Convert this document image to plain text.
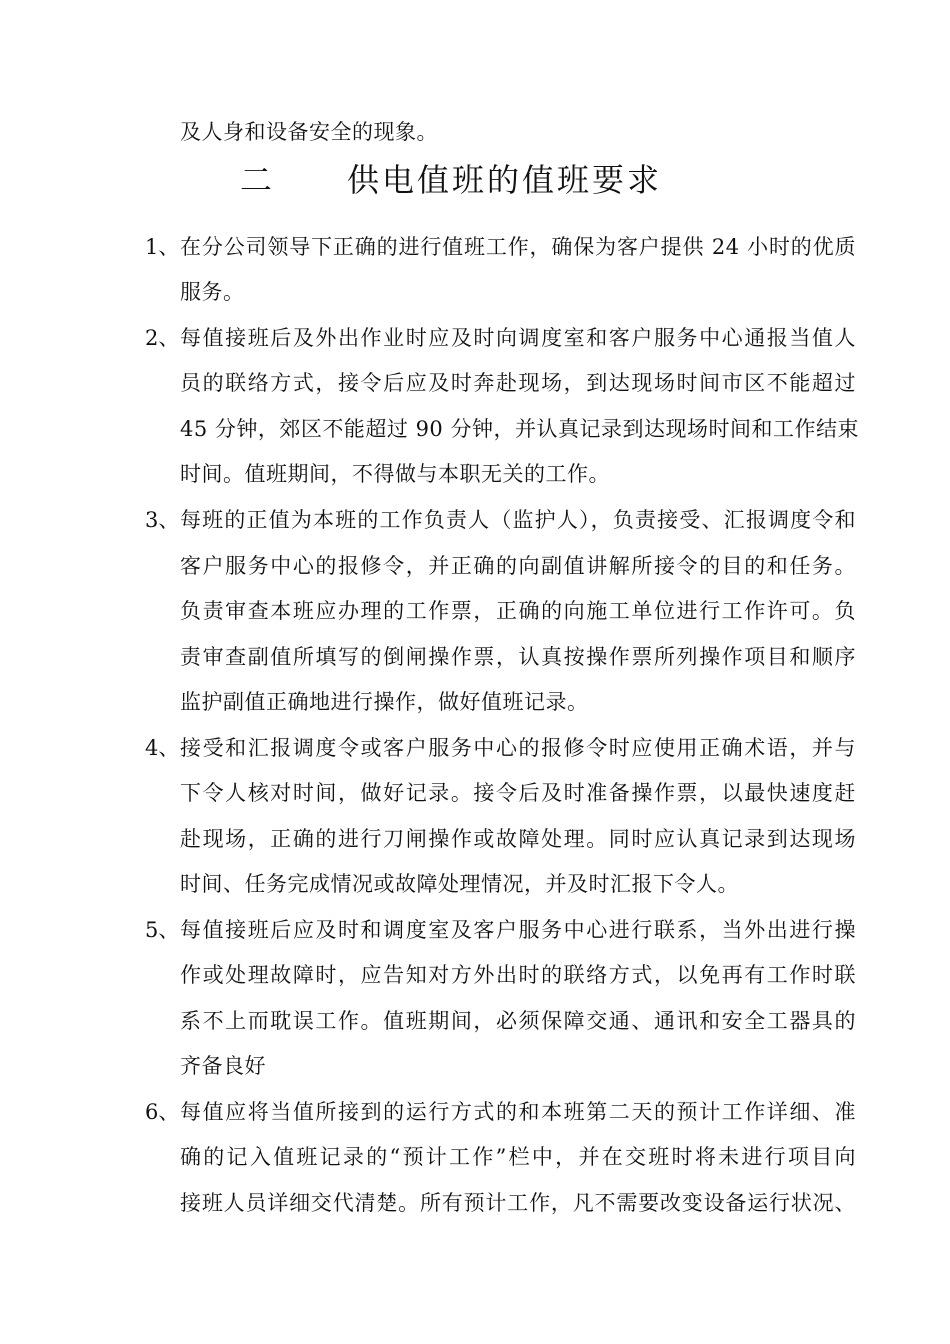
及人身和设备安全的现象。
二 供电值班的值班要求
1、 在分公司领导下正确的进行值班工作，确保为客户提供 24 小时的优质
服务。
2、 每值接班后及外出作业时应及时向调度室和客户服务中心通报当值人
员的联络方式，接令后应及时奔赴现场，到达现场时间市区不能超过
45 分钟，郊区不能超过 90 分钟，并认真记录到达现场时间和工作结束
时间。值班期间，不得做与本职无关的工作。
3、 每班的正值为本班的工作负责人（监护人），负责接受、汇报调度令和
客户服务中心的报修令，并正确的向副值讲解所接令的目的和任务。
负责审查本班应办理的工作票，正确的向施工单位进行工作许可。负
责审查副值所填写的倒闸操作票，认真按操作票所列操作项目和顺序
监护副值正确地进行操作，做好值班记录。
4、 接受和汇报调度令或客户服务中心的报修令时应使用正确术语，并与
下令人核对时间，做好记录。接令后及时准备操作票，以最快速度赶
赴现场，正确的进行刀闸操作或故障处理。同时应认真记录到达现场
时间、任务完成情况或故障处理情况，并及时汇报下令人。
5、 每值接班后应及时和调度室及客户服务中心进行联系，当外出进行操
作或处理故障时，应告知对方外出时的联络方式，以免再有工作时联
系不上而耽误工作。值班期间，必须保障交通、通讯和安全工器具的
齐备良好
6、 每值应将当值所接到的运行方式的和本班第二天的预计工作详细、准
确的记入值班记录的“预计工作”栏中，并在交班时将未进行项目向
接班人员详细交代清楚。所有预计工作，凡不需要改变设备运行状况、
